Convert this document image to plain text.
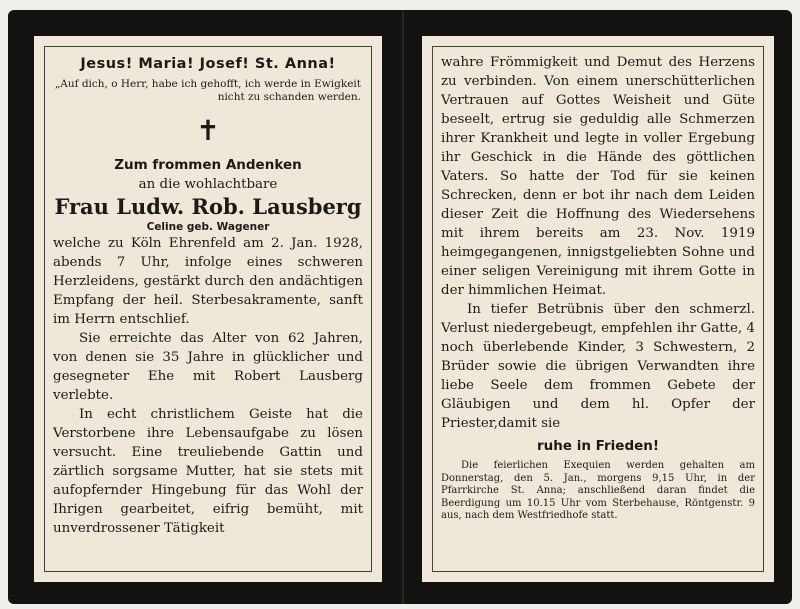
Jesus! Maria! Josef! St. Anna!
„Auf dich, o Herr, habe ich gehofft, ich werde in Ewigkeit nicht zu schanden werden.
✝
Zum frommen Andenken
an die wohlachtbare
Frau Ludw. Rob. Lausberg
Celine geb. Wagener

welche zu Köln Ehrenfeld am 2. Jan. 1928, abends 7 Uhr, infolge eines schweren Herzleidens, gestärkt durch den andächtigen Empfang der heil. Sterbesakramente, sanft im Herrn entschlief.

Sie erreichte das Alter von 62 Jahren, von denen sie 35 Jahre in glücklicher und gesegneter Ehe mit Robert Lausberg verlebte.

In echt christlichem Geiste hat die Verstorbene ihre Lebensaufgabe zu lösen versucht. Eine treuliebende Gattin und zärtlich sorgsame Mutter, hat sie stets mit aufopfernder Hingebung für das Wohl der Ihrigen gearbeitet, eifrig bemüht, mit unverdrossener Tätigkeit

wahre Frömmigkeit und Demut des Herzens zu verbinden. Von einem unerschütterlichen Vertrauen auf Gottes Weisheit und Güte beseelt, ertrug sie geduldig alle Schmerzen ihrer Krankheit und legte in voller Ergebung ihr Geschick in die Hände des göttlichen Vaters. So hatte der Tod für sie keinen Schrecken, denn er bot ihr nach dem Leiden dieser Zeit die Hoffnung des Wiedersehens mit ihrem bereits am 23. Nov. 1919 heimgegangenen, innigstgeliebten Sohne und einer seligen Vereinigung mit ihrem Gotte in der himmlichen Heimat.

In tiefer Betrübnis über den schmerzl. Verlust niedergebeugt, empfehlen ihr Gatte, 4 noch überlebende Kinder, 3 Schwestern, 2 Brüder sowie die übrigen Verwandten ihre liebe Seele dem frommen Gebete der Gläubigen und dem hl. Opfer der Priester,damit sie

ruhe in Frieden!

Die feierlichen Exequien werden gehalten am Donnerstag, den 5. Jan., morgens 9,15 Uhr, in der Pfarrkirche St. Anna; anschließend daran findet die Beerdigung um 10.15 Uhr vom Sterbehause, Röntgenstr. 9 aus, nach dem Westfriedhofe statt.
